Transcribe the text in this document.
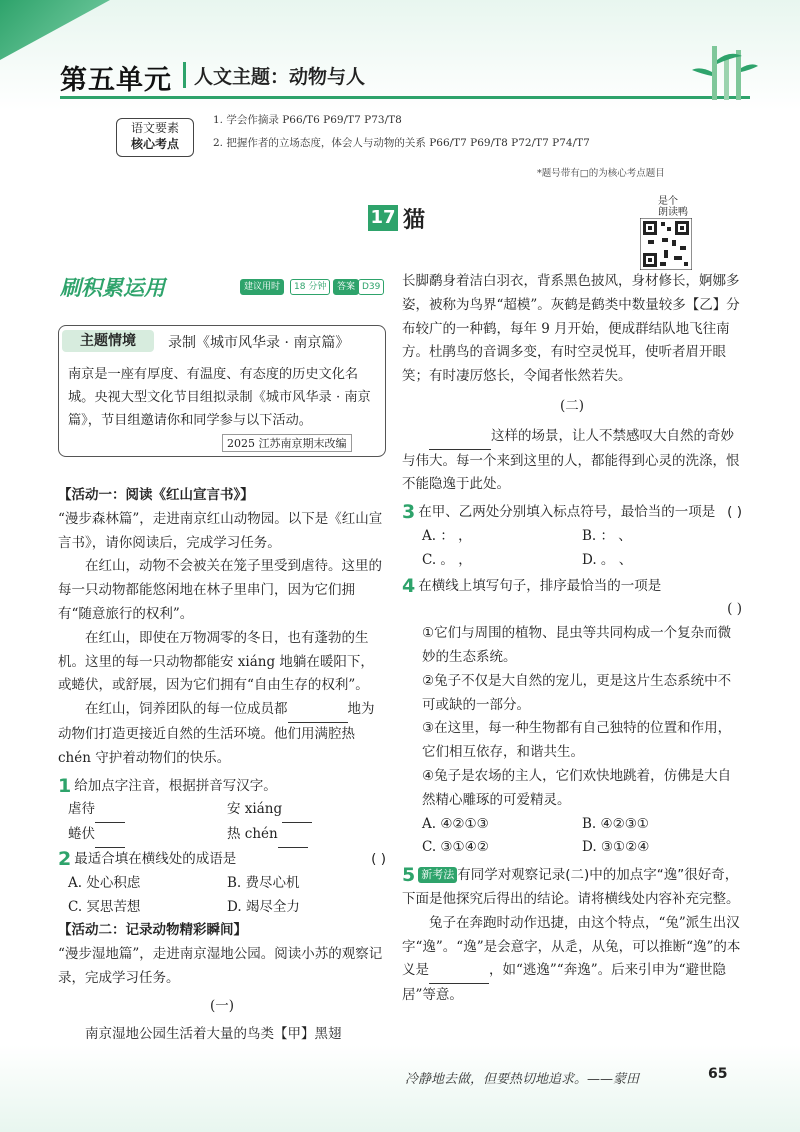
第五单元 人文主题：动物与人
语文要素
核心考点
1. 学会作摘录 P66/T6 P69/T7 P73/T8
2. 把握作者的立场态度，体会人与动物的关系 P66/T7 P69/T8 P72/T7 P74/T7
*题号带有□的为核心考点题目
17 猫
是个
朗读鸭
刷积累运用	建议用时	18 分钟	答案 D39
主题情境	录制《城市风华录 · 南京篇》
南京是一座有厚度、有温度、有态度的历史文化名城。央视大型文化节目组拟录制《城市风华录 · 南京篇》，节目组邀请你和同学参与以下活动。
2025 江苏南京期末改编
【活动一：阅读《红山宣言书》】
“漫步森林篇”，走进南京红山动物园。以下是《红山宣言书》，请你阅读后，完成学习任务。
在红山，动物不会被关在笼子里受到虐待。这里的每一只动物都能悠闲地在林子里串门，因为它们拥有“随意旅行的权利”。
在红山，即使在万物凋零的冬日，也有蓬勃的生机。这里的每一只动物都能安 xiáng 地躺在暖阳下，或蜷伏，或舒展，因为它们拥有“自由生存的权利”。
在红山，饲养团队的每一位成员都	地为动物们打造更接近自然的生活环境。他们用满腔热 chén 守护着动物们的快乐。
1 给加点字注音，根据拼音写汉字。
虐待	安 xiáng
蜷伏	热 chén
2 最适合填在横线处的成语是	( )
A. 处心积虑	B. 费尽心机
C. 冥思苦想	D. 竭尽全力
【活动二：记录动物精彩瞬间】
“漫步湿地篇”，走进南京湿地公园。阅读小苏的观察记录，完成学习任务。
(一)
南京湿地公园生活着大量的鸟类【甲】黑翅
长脚鹬身着洁白羽衣，背系黑色披风，身材修长，婀娜多姿，被称为鸟界“超模”。灰鹤是鹤类中数量较多【乙】分布较广的一种鹤，每年 9 月开始，便成群结队地飞往南方。杜鹃鸟的音调多变，有时空灵悦耳，使听者眉开眼笑；有时凄厉悠长，令闻者怅然若失。
(二)
这样的场景，让人不禁感叹大自然的奇妙与伟大。每一个来到这里的人，都能得到心灵的洗涤，恨不能隐逸于此处。
3 在甲、乙两处分别填入标点符号，最恰当的一项是 ( )
A. ： ，	B. ： 、
C. 。 ，	D. 。 、
4 在横线上填写句子，排序最恰当的一项是
( )
①它们与周围的植物、昆虫等共同构成一个复杂而微妙的生态系统。
②兔子不仅是大自然的宠儿，更是这片生态系统中不可或缺的一部分。
③在这里，每一种生物都有自己独特的位置和作用，它们相互依存，和谐共生。
④兔子是农场的主人，它们欢快地跳着，仿佛是大自然精心雕琢的可爱精灵。
A. ④②①③	B. ④②③①
C. ③①④②	D. ③①②④
5 新考法 有同学对观察记录(二)中的加点字“逸”很好奇，下面是他探究后得出的结论。请将横线处内容补充完整。
兔子在奔跑时动作迅捷，由这个特点，“兔”派生出汉字“逸”。“逸”是会意字，从辵，从兔，可以推断“逸”的本义是	，如“逃逸”“奔逸”。后来引申为“避世隐居”等意。
冷静地去做，但要热切地追求。——蒙田	65
